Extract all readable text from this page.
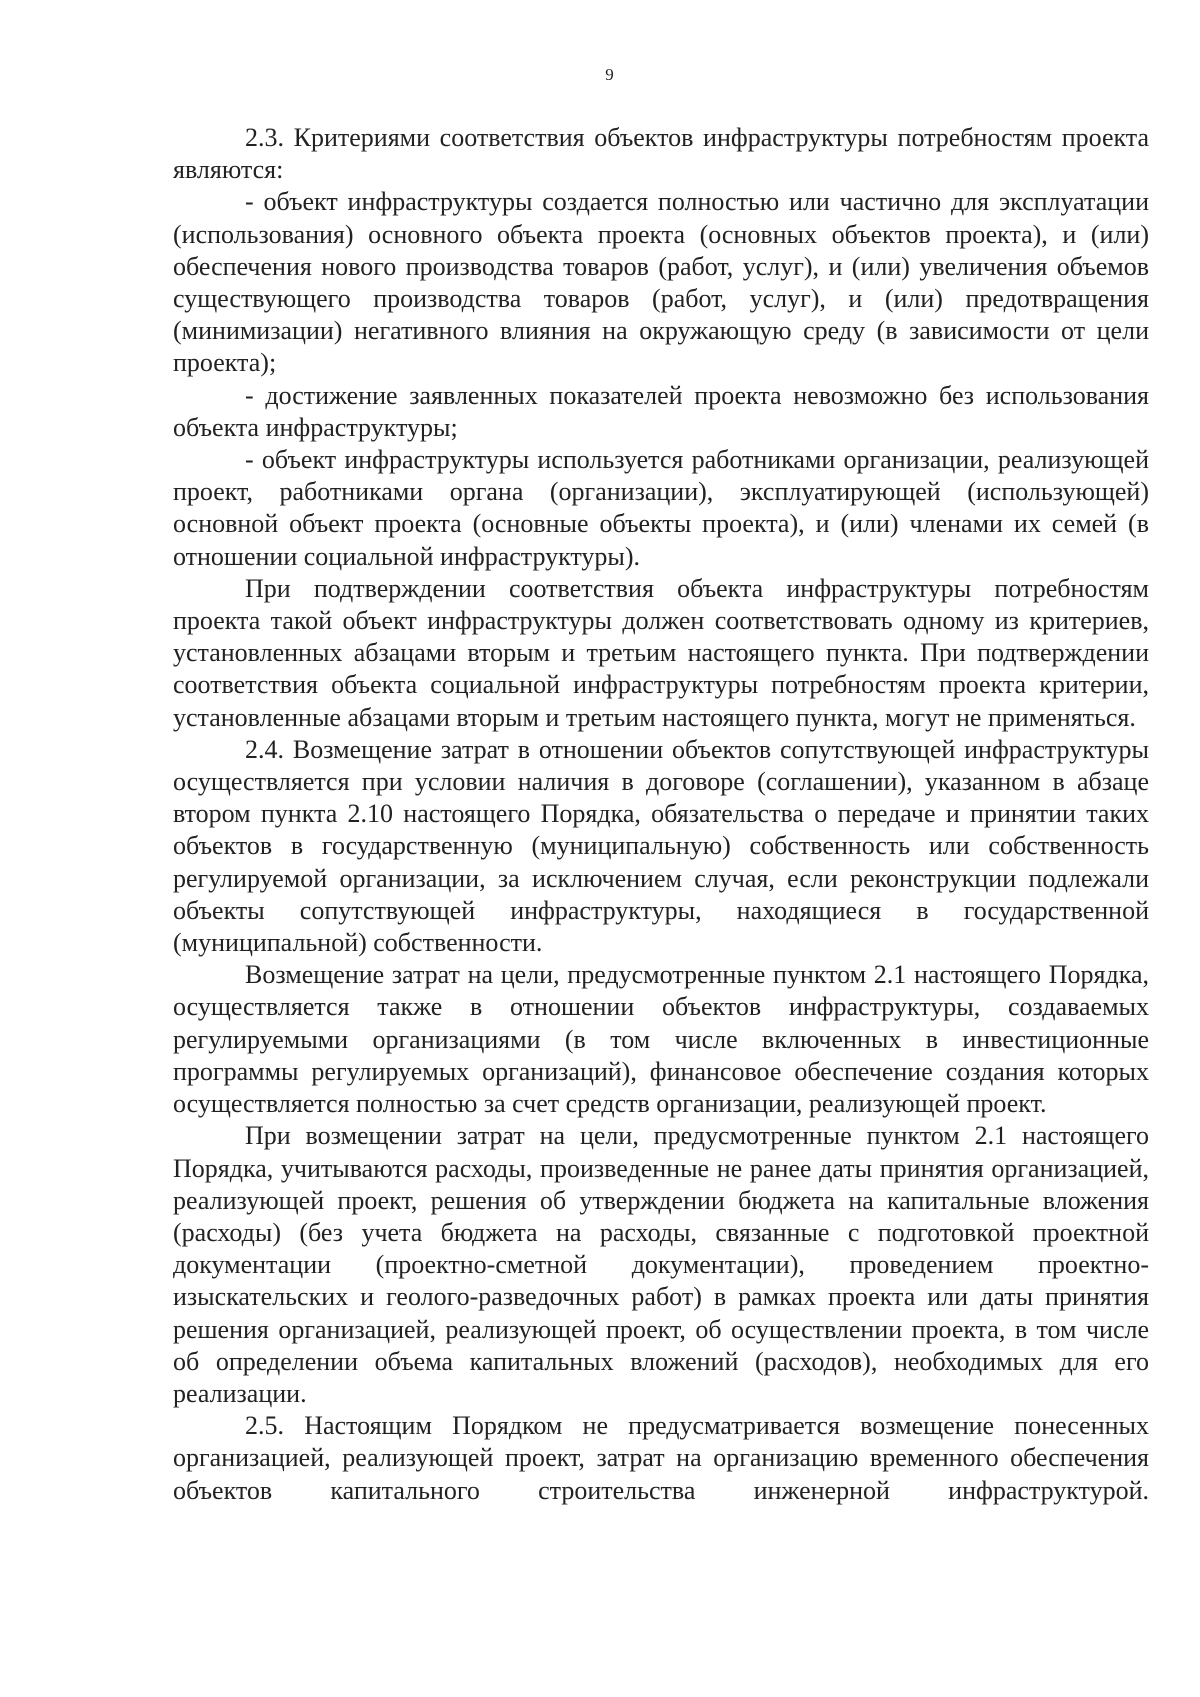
9

2.3. Критериями соответствия объектов инфраструктуры потребностям проекта являются:

- объект инфраструктуры создается полностью или частично для эксплуатации (использования) основного объекта проекта (основных объектов проекта), и (или) обеспечения нового производства товаров (работ, услуг), и (или) увеличения объемов существующего производства товаров (работ, услуг), и (или) предотвращения (минимизации) негативного влияния на окружающую среду (в зависимости от цели проекта);

- достижение заявленных показателей проекта невозможно без использования объекта инфраструктуры;

- объект инфраструктуры используется работниками организации, реализующей проект, работниками органа (организации), эксплуатирующей (использующей) основной объект проекта (основные объекты проекта), и (или) членами их семей (в отношении социальной инфраструктуры).

При подтверждении соответствия объекта инфраструктуры потребностям проекта такой объект инфраструктуры должен соответствовать одному из критериев, установленных абзацами вторым и третьим настоящего пункта. При подтверждении соответствия объекта социальной инфраструктуры потребностям проекта критерии, установленные абзацами вторым и третьим настоящего пункта, могут не применяться.

2.4. Возмещение затрат в отношении объектов сопутствующей инфраструктуры осуществляется при условии наличия в договоре (соглашении), указанном в абзаце втором пункта 2.10 настоящего Порядка, обязательства о передаче и принятии таких объектов в государственную (муниципальную) собственность или собственность регулируемой организации, за исключением случая, если реконструкции подлежали объекты сопутствующей инфраструктуры, находящиеся в государственной (муниципальной) собственности.

Возмещение затрат на цели, предусмотренные пунктом 2.1 настоящего Порядка, осуществляется также в отношении объектов инфраструктуры, создаваемых регулируемыми организациями (в том числе включенных в инвестиционные программы регулируемых организаций), финансовое обеспечение создания которых осуществляется полностью за счет средств организации, реализующей проект.

При возмещении затрат на цели, предусмотренные пунктом 2.1 настоящего Порядка, учитываются расходы, произведенные не ранее даты принятия организацией, реализующей проект, решения об утверждении бюджета на капитальные вложения (расходы) (без учета бюджета на расходы, связанные с подготовкой проектной документации (проектно-сметной документации), проведением проектно-изыскательских и геолого-разведочных работ) в рамках проекта или даты принятия решения организацией, реализующей проект, об осуществлении проекта, в том числе об определении объема капитальных вложений (расходов), необходимых для его реализации.

2.5. Настоящим Порядком не предусматривается возмещение понесенных организацией, реализующей проект, затрат на организацию временного обеспечения объектов капитального строительства инженерной инфраструктурой.
